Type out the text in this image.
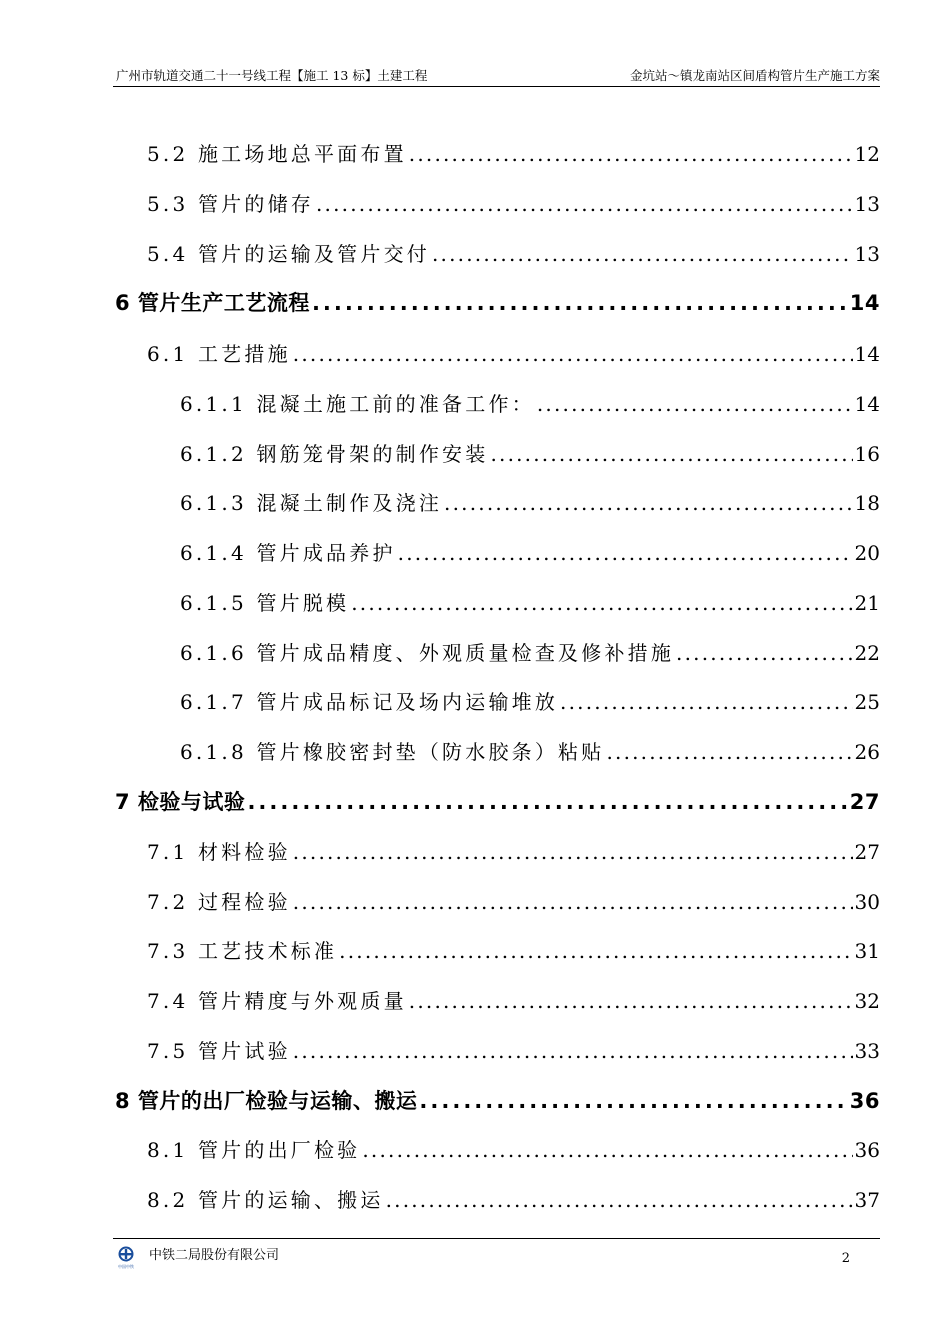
广州市轨道交通二十一号线工程【施工 13 标】土建工程	金坑站～镇龙南站区间盾构管片生产施工方案
5.2 施工场地总平面布置 .....	12
5.3 管片的储存 .....	13
5.4 管片的运输及管片交付 .....	13
6 管片生产工艺流程 .....	14
6.1 工艺措施 .....	14
6.1.1 混凝土施工前的准备工作： .....	14
6.1.2 钢筋笼骨架的制作安装 .....	16
6.1.3 混凝土制作及浇注 .....	18
6.1.4 管片成品养护 .....	20
6.1.5 管片脱模 .....	21
6.1.6 管片成品精度、外观质量检查及修补措施 .....	22
6.1.7 管片成品标记及场内运输堆放 .....	25
6.1.8 管片橡胶密封垫（防水胶条）粘贴 .....	26
7 检验与试验 .....	27
7.1 材料检验 .....	27
7.2 过程检验 .....	30
7.3 工艺技术标准 .....	31
7.4 管片精度与外观质量 .....	32
7.5 管片试验 .....	33
8 管片的出厂检验与运输、搬运 .....	36
8.1 管片的出厂检验 .....	36
8.2 管片的运输、搬运 .....	37
中国中铁
中铁二局股份有限公司	2
